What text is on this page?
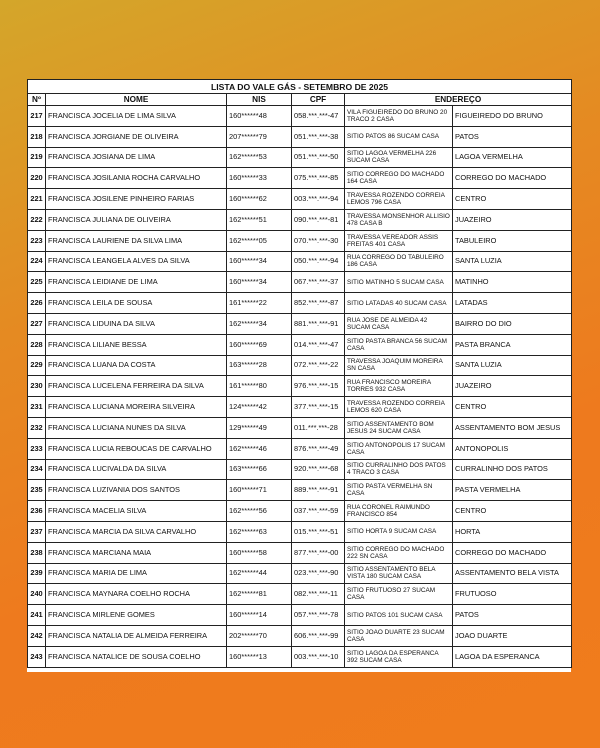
LISTA DO VALE GÁS - SETEMBRO DE 2025					
Nº	NOME	NIS	CPF	ENDEREÇO	
217	FRANCISCA JOCELIA DE LIMA SILVA	160******48	058.***.***-47	VILA FIGUEIREDO DO BRUNO 20 TRACO 2 CASA	FIGUEIREDO DO BRUNO
218	FRANCISCA JORGIANE DE OLIVEIRA	207******79	051.***.***-38	SITIO PATOS 86 SUCAM CASA	PATOS
219	FRANCISCA JOSIANA DE LIMA	162******53	051.***.***-50	SITIO LAGOA VERMELHA 226 SUCAM CASA	LAGOA VERMELHA
220	FRANCISCA JOSILANIA ROCHA CARVALHO	160******33	075.***.***-85	SITIO CORREGO DO MACHADO 164 CASA	CORREGO DO MACHADO
221	FRANCISCA JOSILENE PINHEIRO FARIAS	160******62	003.***.***-94	TRAVESSA ROZENDO CORREIA LEMOS 796 CASA	CENTRO
222	FRANCISCA JULIANA DE OLIVEIRA	162******51	090.***.***-81	TRAVESSA MONSENHOR ALLISIO 478 CASA B	JUAZEIRO
223	FRANCISCA LAURIENE DA SILVA LIMA	162******05	070.***.***-30	TRAVESSA VEREADOR ASSIS FREITAS 401 CASA	TABULEIRO
224	FRANCISCA LEANGELA ALVES DA SILVA	160******34	050.***.***-94	RUA CORREGO DO TABULEIRO 186 CASA	SANTA LUZIA
225	FRANCISCA LEIDIANE DE LIMA	160******34	067.***.***-37	SITIO MATINHO 5 SUCAM CASA	MATINHO
226	FRANCISCA LEILA DE SOUSA	161******22	852.***.***-87	SITIO LATADAS 40 SUCAM CASA	LATADAS
227	FRANCISCA LIDUINA DA SILVA	162******34	881.***.***-91	RUA JOSE DE ALMEIDA 42 SUCAM CASA	BAIRRO DO DIO
228	FRANCISCA LILIANE BESSA	160******69	014.***.***-47	SITIO PASTA BRANCA 56 SUCAM CASA	PASTA BRANCA
229	FRANCISCA LUANA DA COSTA	163******28	072.***.***-22	TRAVESSA JOAQUIM MOREIRA SN CASA	SANTA LUZIA
230	FRANCISCA LUCELENA FERREIRA DA SILVA	161******80	976.***.***-15	RUA FRANCISCO MOREIRA TORRES 932 CASA	JUAZEIRO
231	FRANCISCA LUCIANA MOREIRA SILVEIRA	124******42	377.***.***-15	TRAVESSA ROZENDO CORREIA LEMOS 620 CASA	CENTRO
232	FRANCISCA LUCIANA NUNES DA SILVA	129******49	011.***.***-28	SITIO ASSENTAMENTO BOM JESUS 24 SUCAM CASA	ASSENTAMENTO BOM JESUS
233	FRANCISCA LUCIA REBOUCAS DE CARVALHO	162******46	876.***.***-49	SITIO ANTONOPOLIS 17 SUCAM CASA	ANTONOPOLIS
234	FRANCISCA LUCIVALDA DA SILVA	163******66	920.***.***-68	SITIO CURRALINHO DOS PATOS 4 TRACO 3 CASA	CURRALINHO DOS PATOS
235	FRANCISCA LUZIVANIA DOS SANTOS	160******71	889.***.***-91	SITIO PASTA VERMELHA SN CASA	PASTA VERMELHA
236	FRANCISCA MACELIA SILVA	162******56	037.***.***-59	RUA CORONEL RAIMUNDO FRANCISCO 854	CENTRO
237	FRANCISCA MARCIA DA SILVA CARVALHO	162******63	015.***.***-51	SITIO HORTA 9 SUCAM CASA	HORTA
238	FRANCISCA MARCIANA MAIA	160******58	877.***.***-00	SITIO CORREGO DO MACHADO 222 SN CASA	CORREGO DO MACHADO
239	FRANCISCA MARIA DE LIMA	162******44	023.***.***-90	SITIO ASSENTAMENTO BELA VISTA 180 SUCAM CASA	ASSENTAMENTO BELA VISTA
240	FRANCISCA MAYNARA COELHO ROCHA	162******81	082.***.***-11	SITIO FRUTUOSO 27 SUCAM CASA	FRUTUOSO
241	FRANCISCA MIRLENE GOMES	160******14	057.***.***-78	SITIO PATOS 101 SUCAM CASA	PATOS
242	FRANCISCA NATALIA DE ALMEIDA FERREIRA	202******70	606.***.***-99	SITIO JOAO DUARTE 23 SUCAM CASA	JOAO DUARTE
243	FRANCISCA NATALICE DE SOUSA COELHO	160******13	003.***.***-10	SITIO LAGOA DA ESPERANCA 392 SUCAM CASA	LAGOA DA ESPERANCA
